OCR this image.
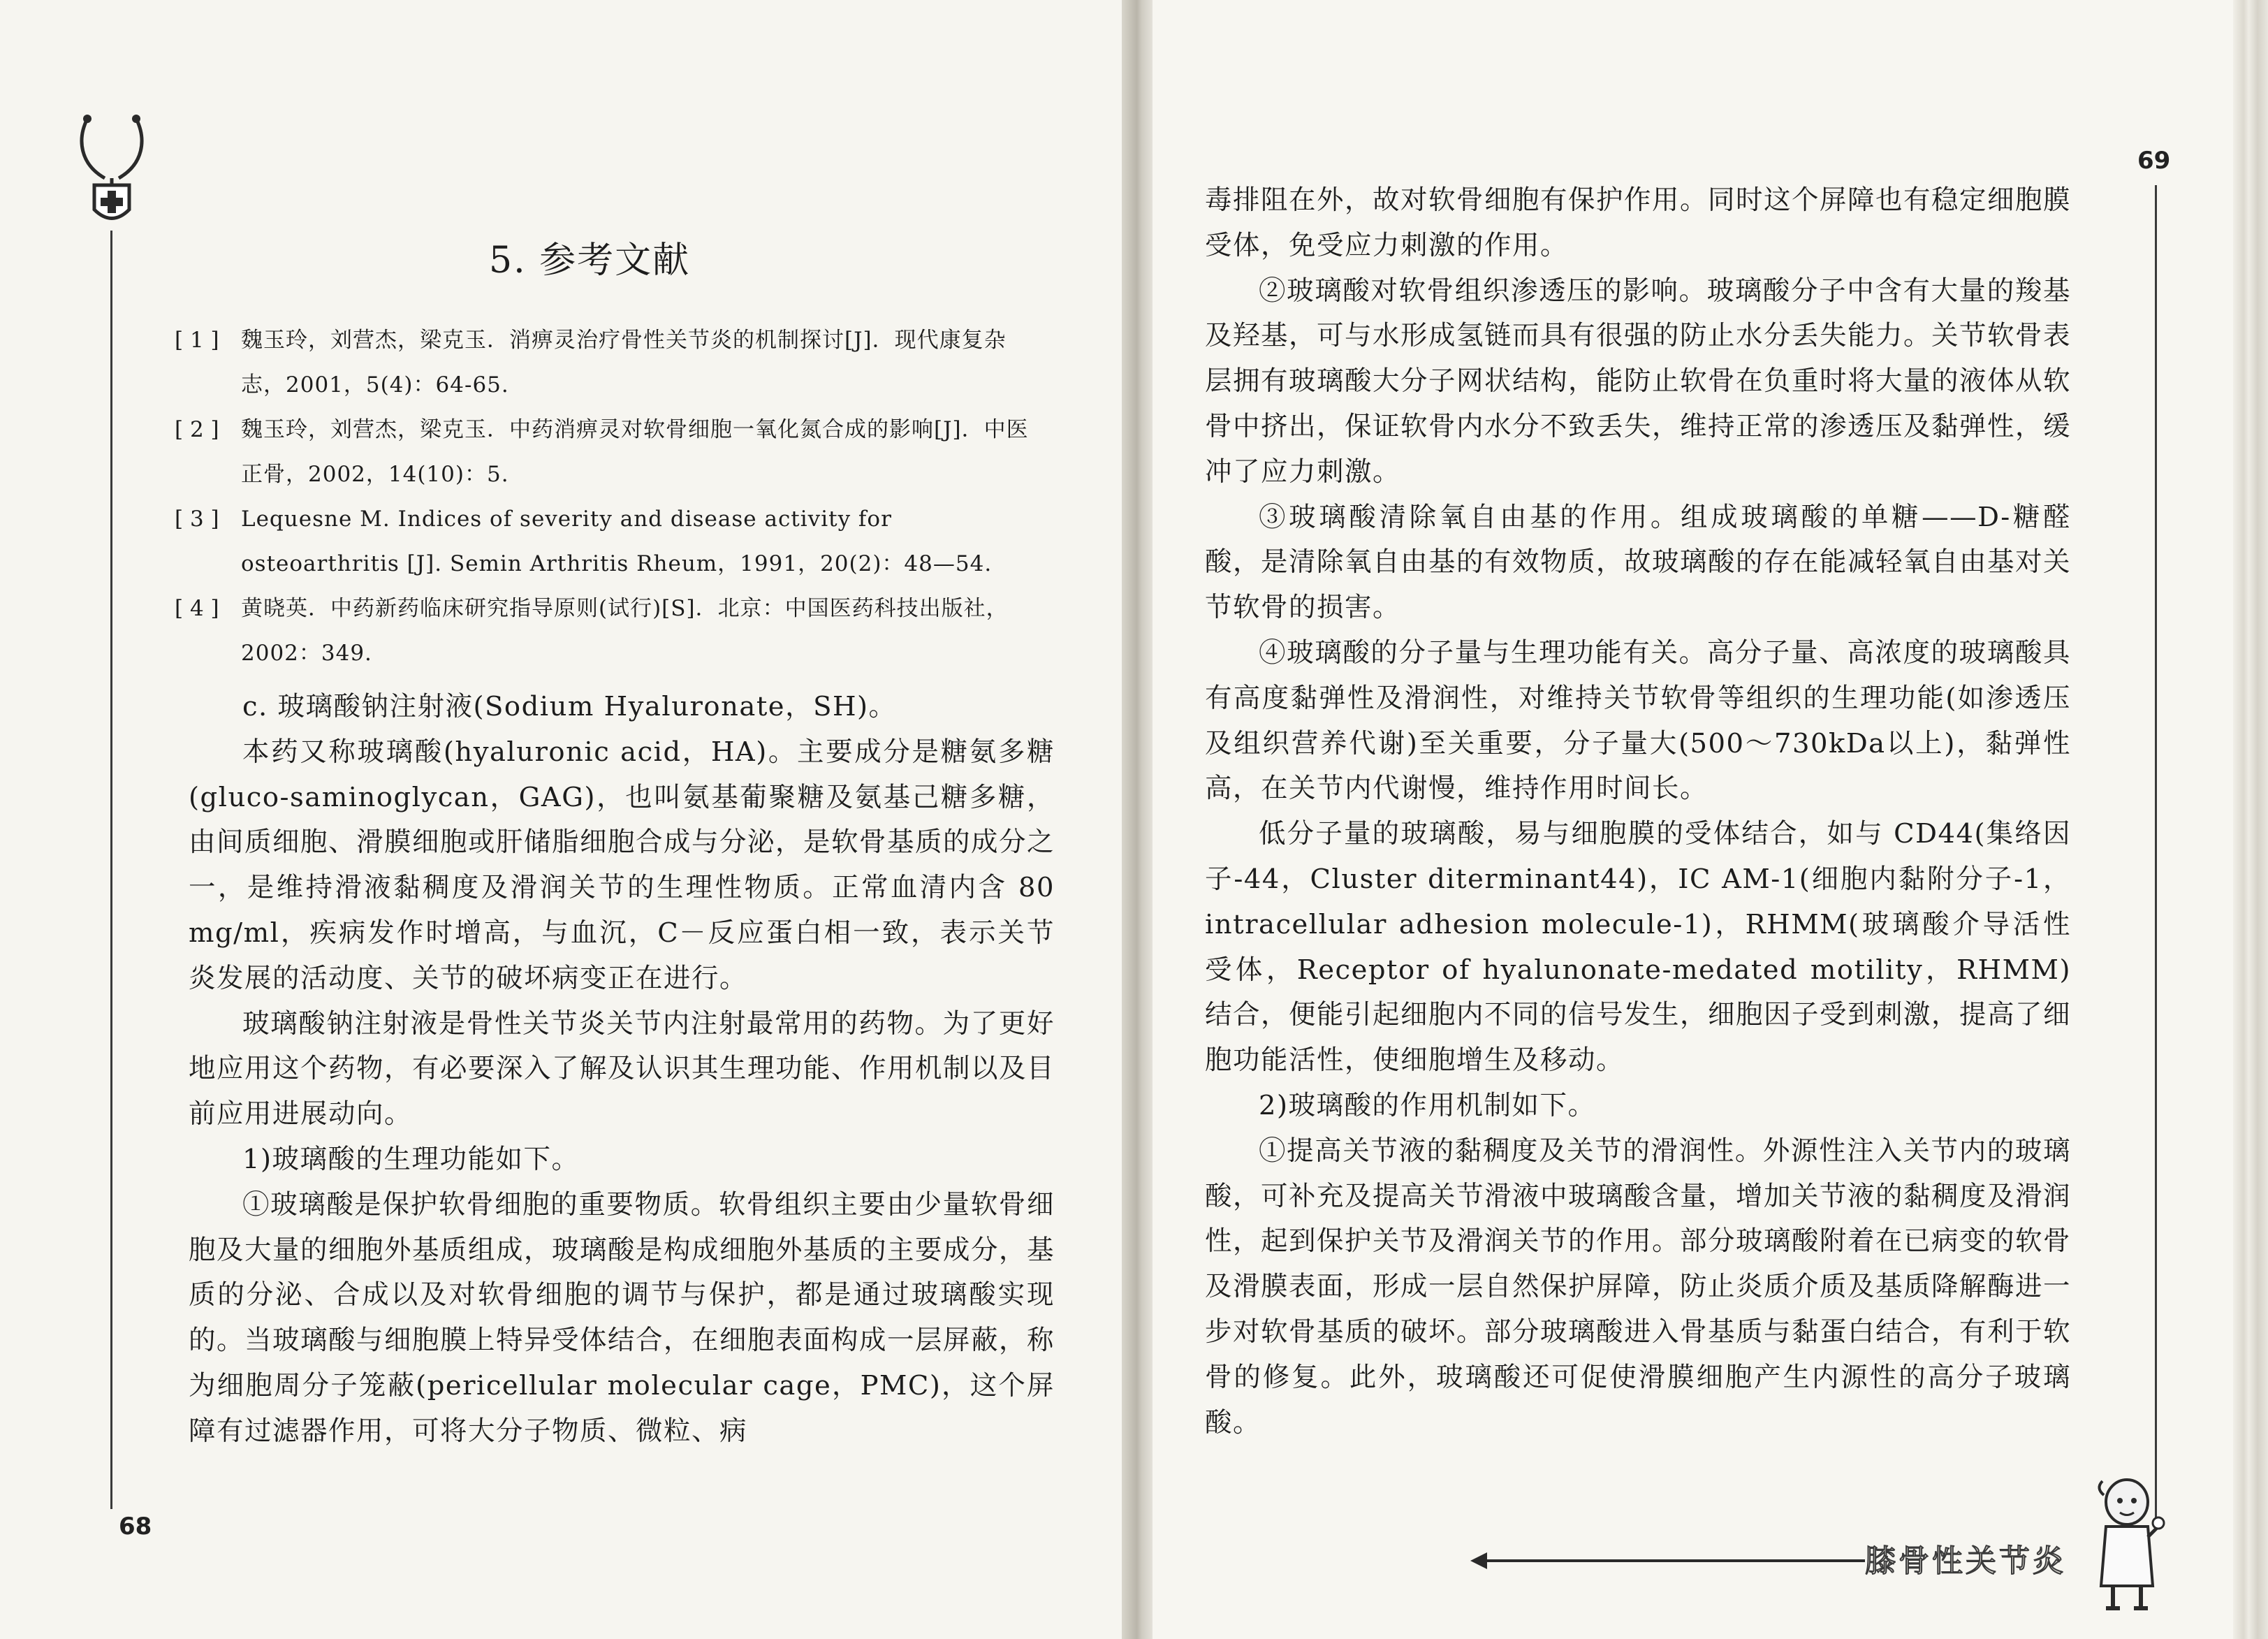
68
5. 参考文献
[ 1 ]	魏玉玲，刘营杰，梁克玉．消痹灵治疗骨性关节炎的机制探讨[J]．现代康复杂志，2001，5(4)：64-65.
[ 2 ]	魏玉玲，刘营杰，梁克玉．中药消痹灵对软骨细胞一氧化氮合成的影响[J]．中医正骨，2002，14(10)：5.
[ 3 ]	Lequesne M. Indices of severity and disease activity for osteoarthritis [J]. Semin Arthritis Rheum，1991，20(2)：48—54.
[ 4 ]	黄晓英．中药新药临床研究指导原则(试行)[S]．北京：中国医药科技出版社，2002：349.

c. 玻璃酸钠注射液(Sodium Hyaluronate，SH)。

本药又称玻璃酸(hyaluronic acid，HA)。主要成分是糖氨多糖(gluco-saminoglycan，GAG)，也叫氨基葡聚糖及氨基己糖多糖，由间质细胞、滑膜细胞或肝储脂细胞合成与分泌，是软骨基质的成分之一，是维持滑液黏稠度及滑润关节的生理性物质。正常血清内含 80 mg/ml，疾病发作时增高，与血沉，C－反应蛋白相一致，表示关节炎发展的活动度、关节的破坏病变正在进行。

玻璃酸钠注射液是骨性关节炎关节内注射最常用的药物。为了更好地应用这个药物，有必要深入了解及认识其生理功能、作用机制以及目前应用进展动向。

1)玻璃酸的生理功能如下。

①玻璃酸是保护软骨细胞的重要物质。软骨组织主要由少量软骨细胞及大量的细胞外基质组成，玻璃酸是构成细胞外基质的主要成分，基质的分泌、合成以及对软骨细胞的调节与保护，都是通过玻璃酸实现的。当玻璃酸与细胞膜上特异受体结合，在细胞表面构成一层屏蔽，称为细胞周分子笼蔽(pericellular molecular cage，PMC)，这个屏障有过滤器作用，可将大分子物质、微粒、病

69

毒排阻在外，故对软骨细胞有保护作用。同时这个屏障也有稳定细胞膜受体，免受应力刺激的作用。

②玻璃酸对软骨组织渗透压的影响。玻璃酸分子中含有大量的羧基及羟基，可与水形成氢链而具有很强的防止水分丢失能力。关节软骨表层拥有玻璃酸大分子网状结构，能防止软骨在负重时将大量的液体从软骨中挤出，保证软骨内水分不致丢失，维持正常的渗透压及黏弹性，缓冲了应力刺激。

③玻璃酸清除氧自由基的作用。组成玻璃酸的单糖——D-糖醛酸，是清除氧自由基的有效物质，故玻璃酸的存在能减轻氧自由基对关节软骨的损害。

④玻璃酸的分子量与生理功能有关。高分子量、高浓度的玻璃酸具有高度黏弹性及滑润性，对维持关节软骨等组织的生理功能(如渗透压及组织营养代谢)至关重要，分子量大(500～730kDa以上)，黏弹性高，在关节内代谢慢，维持作用时间长。

低分子量的玻璃酸，易与细胞膜的受体结合，如与 CD44(集络因子-44，Cluster diterminant44)，IC AM-1(细胞内黏附分子-1，intracellular adhesion molecule-1)，RHMM(玻璃酸介导活性受体，Receptor of hyalunonate-medated motility，RHMM)结合，便能引起细胞内不同的信号发生，细胞因子受到刺激，提高了细胞功能活性，使细胞增生及移动。

2)玻璃酸的作用机制如下。

①提高关节液的黏稠度及关节的滑润性。外源性注入关节内的玻璃酸，可补充及提高关节滑液中玻璃酸含量，增加关节液的黏稠度及滑润性，起到保护关节及滑润关节的作用。部分玻璃酸附着在已病变的软骨及滑膜表面，形成一层自然保护屏障，防止炎质介质及基质降解酶进一步对软骨基质的破坏。部分玻璃酸进入骨基质与黏蛋白结合，有利于软骨的修复。此外，玻璃酸还可促使滑膜细胞产生内源性的高分子玻璃酸。

膝骨性关节炎
